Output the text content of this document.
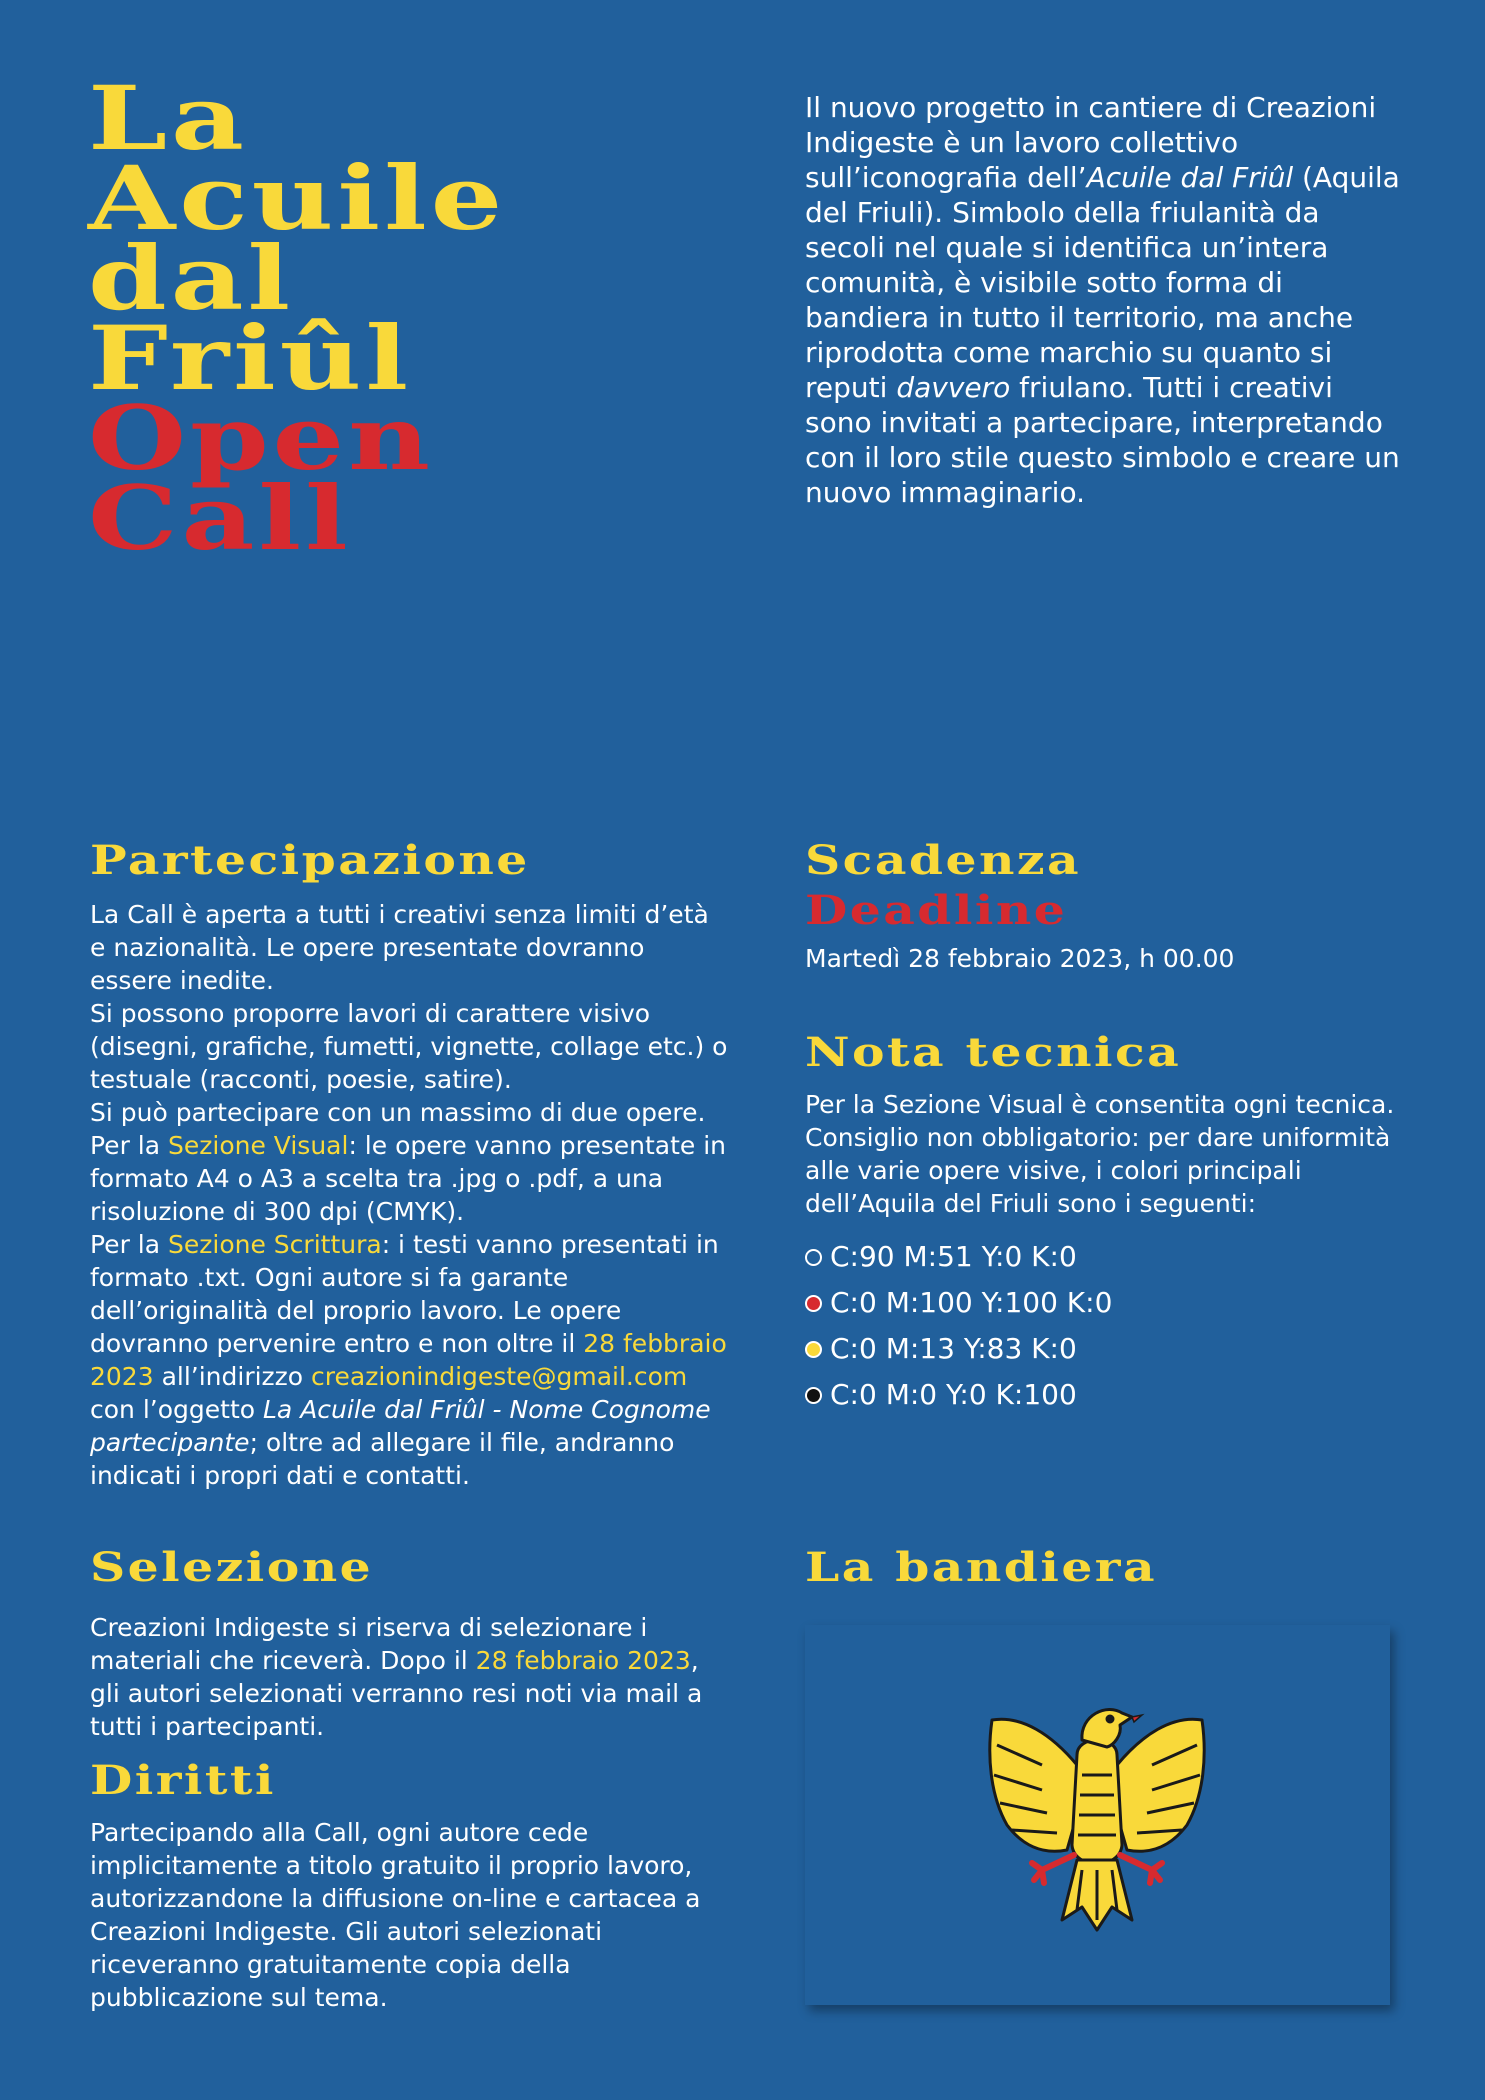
La
Acuile
dal
Friûl
Open
Call
Il nuovo progetto in cantiere di Creazioni Indigeste è un lavoro collettivo sull’iconografia dell’Acuile dal Friûl (Aquila del Friuli). Simbolo della friulanità da secoli nel quale si identifica un’intera comunità, è visibile sotto forma di bandiera in tutto il territorio, ma anche riprodotta come marchio su quanto si reputi davvero friulano. Tutti i creativi sono invitati a partecipare, interpretando con il loro stile questo simbolo e creare un nuovo immaginario.
Partecipazione

La Call è aperta a tutti i creativi senza limiti d’età e nazionalità. Le opere presentate dovranno essere inedite.

Si possono proporre lavori di carattere visivo (disegni, grafiche, fumetti, vignette, collage etc.) o testuale (racconti, poesie, satire).

Si può partecipare con un massimo di due opere. Per la Sezione Visual: le opere vanno presentate in formato A4 o A3 a scelta tra .jpg o .pdf, a una risoluzione di 300 dpi (CMYK).

Per la Sezione Scrittura: i testi vanno presentati in formato .txt. Ogni autore si fa garante dell’originalità del proprio lavoro. Le opere dovranno pervenire entro e non oltre il 28 febbraio 2023 all’indirizzo creazionindigeste@gmail.com con l’oggetto La Acuile dal Friûl - Nome Cognome partecipante; oltre ad allegare il file, andranno indicati i propri dati e contatti.

Selezione
Creazioni Indigeste si riserva di selezionare i materiali che riceverà. Dopo il 28 febbraio 2023, gli autori selezionati verranno resi noti via mail a tutti i partecipanti.
Diritti
Partecipando alla Call, ogni autore cede implicitamente a titolo gratuito il proprio lavoro, autorizzandone la diffusione on-line e cartacea a Creazioni Indigeste. Gli autori selezionati riceveranno gratuitamente copia della pubblicazione sul tema.
Scadenza
Deadline
Martedì 28 febbraio 2023, h 00.00
Nota tecnica
Per la Sezione Visual è consentita ogni tecnica. Consiglio non obbligatorio: per dare uniformità alle varie opere visive, i colori principali dell’Aquila del Friuli sono i seguenti:
C:90 M:51 Y:0 K:0
C:0 M:100 Y:100 K:0
C:0 M:13 Y:83 K:0
C:0 M:0 Y:0 K:100
La bandiera
